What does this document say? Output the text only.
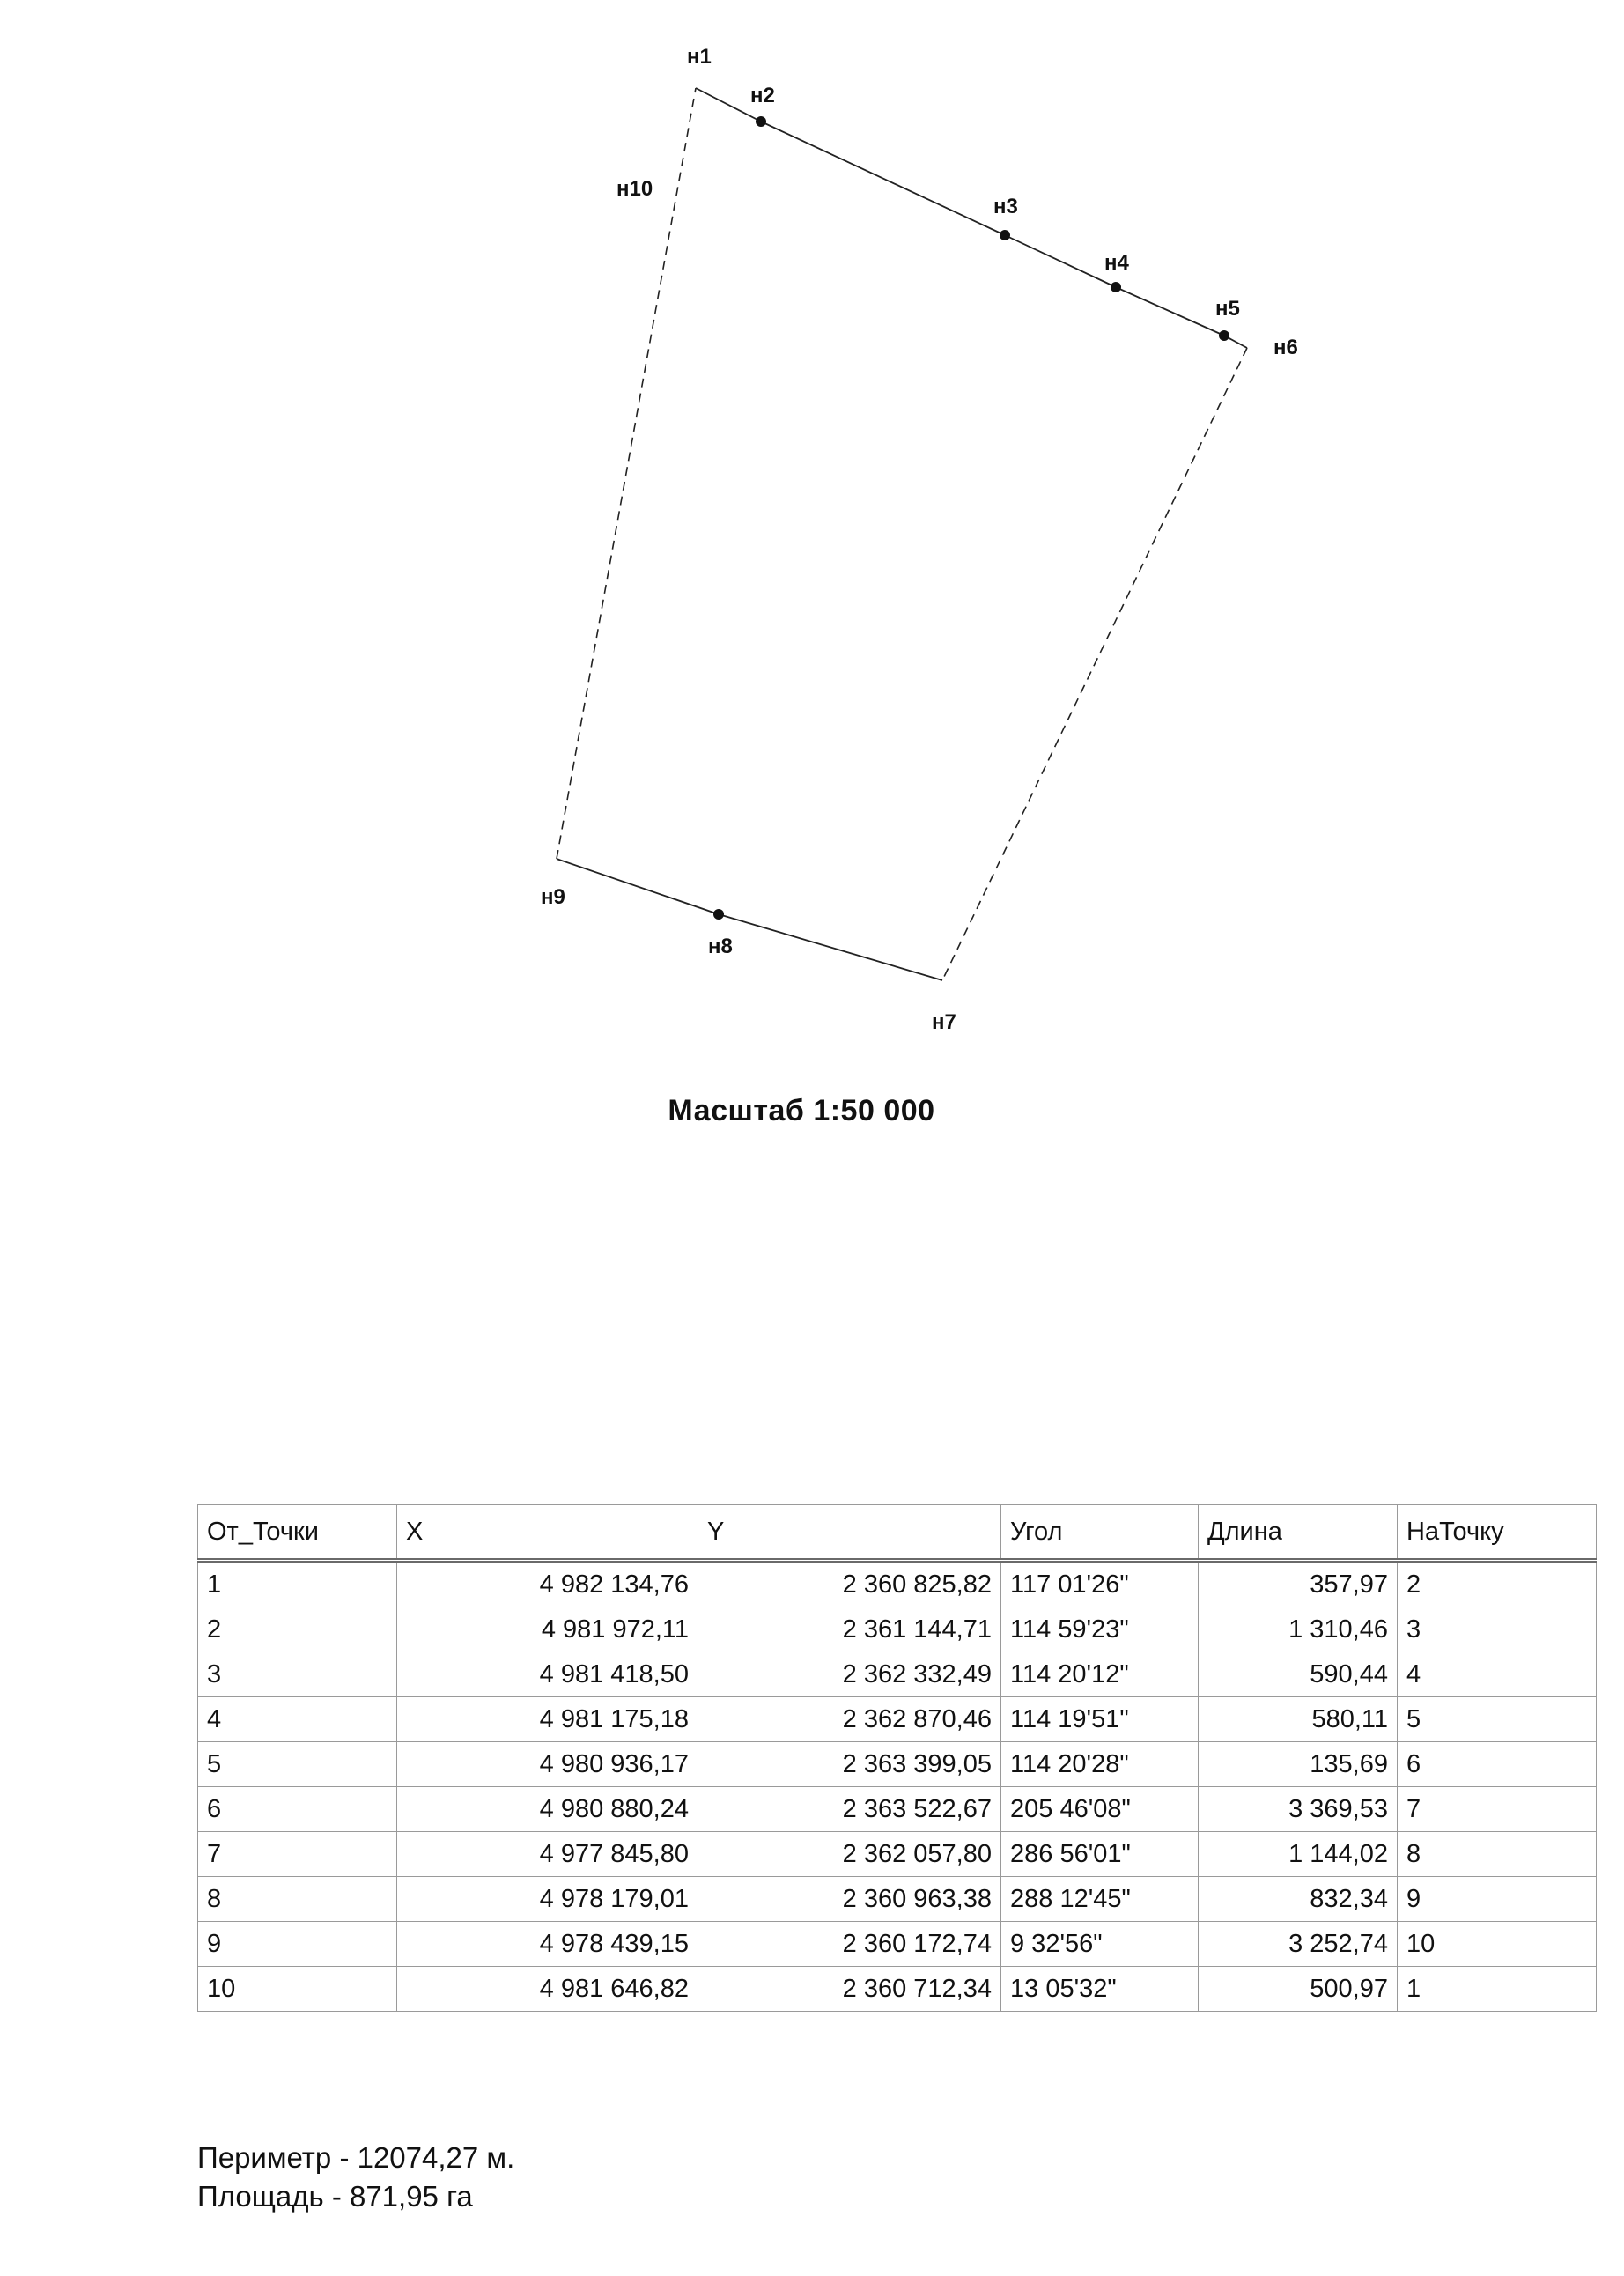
н1
н2
н3
н4
н5
н6
н7
н8
н9
н10
Масштаб 1:50 000
От_Точки	X	Y	Угол	Длина	НаТочку
1	4 982 134,76	2 360 825,82	117 01'26"	357,97	2
2	4 981 972,11	2 361 144,71	114 59'23"	1 310,46	3
3	4 981 418,50	2 362 332,49	114 20'12"	590,44	4
4	4 981 175,18	2 362 870,46	114 19'51"	580,11	5
5	4 980 936,17	2 363 399,05	114 20'28"	135,69	6
6	4 980 880,24	2 363 522,67	205 46'08"	3 369,53	7
7	4 977 845,80	2 362 057,80	286 56'01"	1 144,02	8
8	4 978 179,01	2 360 963,38	288 12'45"	832,34	9
9	4 978 439,15	2 360 172,74	9 32'56"	3 252,74	10
10	4 981 646,82	2 360 712,34	13 05'32"	500,97	1
Периметр - 12074,27 м.
Площадь - 871,95 га
